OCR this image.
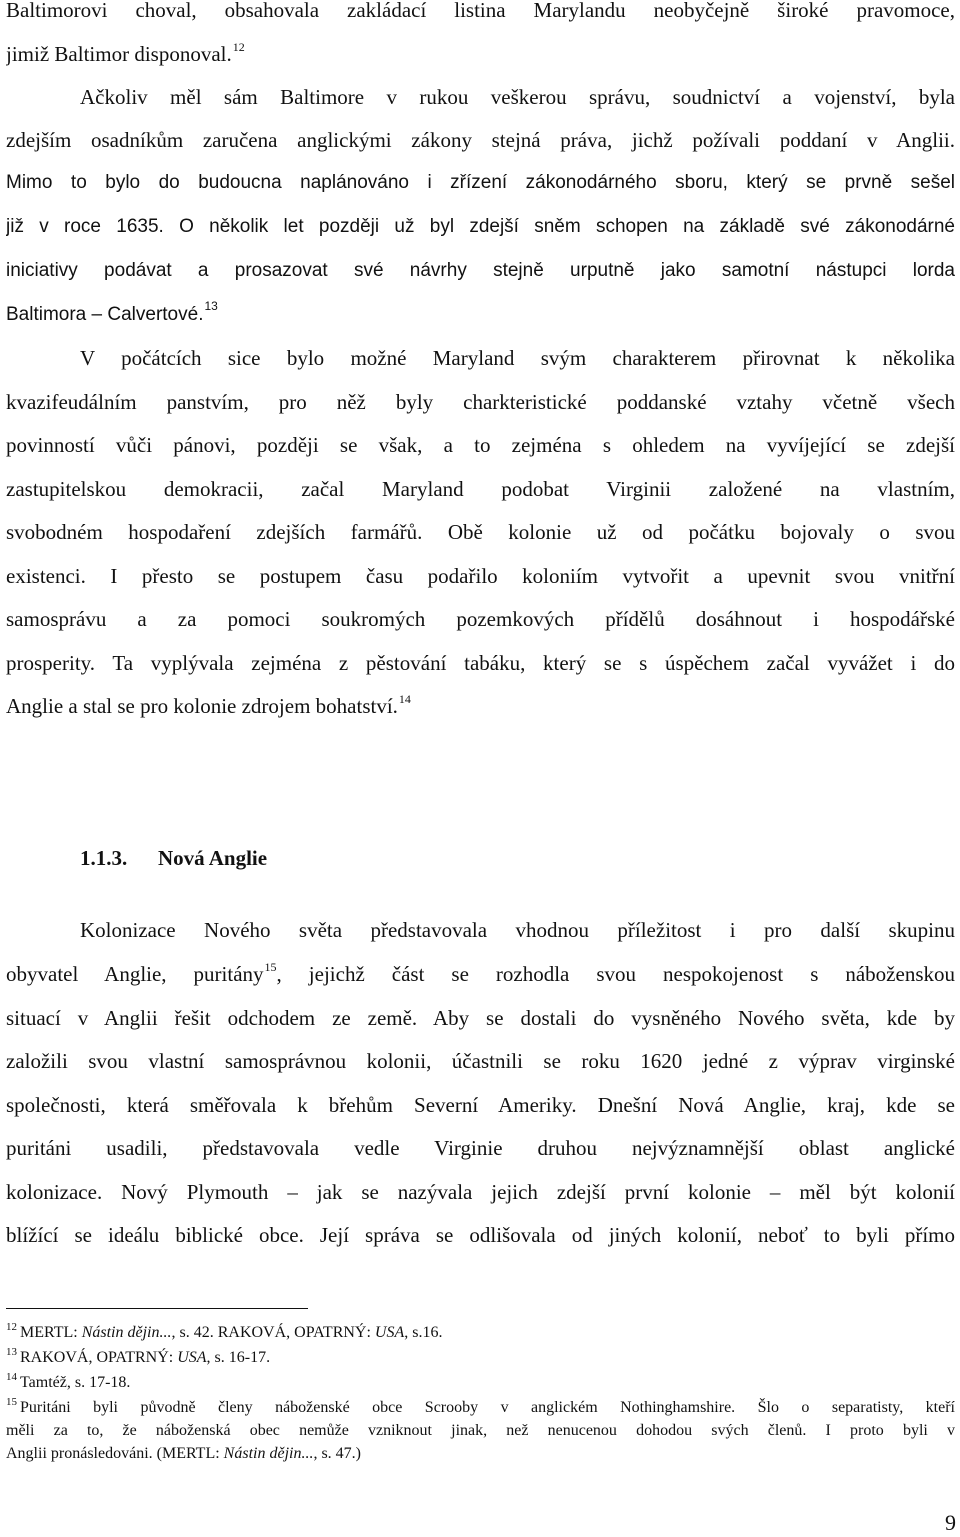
Baltimorovi choval, obsahovala zakládací listina Marylandu neobyčejně široké pravomoce,
jimiž Baltimor disponoval.$^{12}$
Ačkoliv měl sám Baltimore v rukou veškerou správu, soudnictví a vojenství, byla
zdejším osadníkům zaručena anglickými zákony stejná práva, jichž požívali poddaní v Anglii.
Mimo to bylo do budoucna naplánováno i zřízení zákonodárného sboru, který se prvně sešel
již v roce 1635. O několik let později už byl zdejší sněm schopen na základě své zákonodárné
iniciativy podávat a prosazovat své návrhy stejně urputně jako samotní nástupci lorda
Baltimora – Calvertové.$^{13}$
V počátcích sice bylo možné Maryland svým charakterem přirovnat k několika
kvazifeudálním panstvím, pro něž byly charkteristické poddanské vztahy včetně všech
povinností vůči pánovi, později se však, a to zejména s ohledem na vyvíjející se zdejší
zastupitelskou demokracii, začal Maryland podobat Virginii založené na vlastním,
svobodném hospodaření zdejších farmářů. Obě kolonie už od počátku bojovaly o svou
existenci. I přesto se postupem času podařilo koloniím vytvořit a upevnit svou vnitřní
samosprávu a za pomoci soukromých pozemkových přídělů dosáhnout i hospodářské
prosperity. Ta vyplývala zejména z pěstování tabáku, který se s úspěchem začal vyvážet i do
Anglie a stal se pro kolonie zdrojem bohatství.$^{14}$
1.1.3. Nová Anglie
Kolonizace Nového světa představovala vhodnou příležitost i pro další skupinu
obyvatel Anglie, puritány$^{15}$, jejichž část se rozhodla svou nespokojenost s náboženskou
situací v Anglii řešit odchodem ze země. Aby se dostali do vysněného Nového světa, kde by
založili svou vlastní samosprávnou kolonii, účastnili se roku 1620 jedné z výprav virginské
společnosti, která směřovala k břehům Severní Ameriky. Dnešní Nová Anglie, kraj, kde se
puritáni usadili, představovala vedle Virginie druhou nejvýznamnější oblast anglické
kolonizace. Nový Plymouth – jak se nazývala jejich zdejší první kolonie – měl být kolonií
blížící se ideálu biblické obce. Její správa se odlišovala od jiných kolonií, neboť to byli přímo
$^{12}$ MERTL: Nástin dějin..., s. 42. RAKOVÁ, OPATRNÝ: USA, s.16.
$^{13}$ RAKOVÁ, OPATRNÝ: USA, s. 16-17.
$^{14}$ Tamtéž, s. 17-18.
$^{15}$ Puritáni byli původně členy náboženské obce Scrooby v anglickém Nothinghamshire. Šlo o separatisty, kteří
měli za to, že náboženská obec nemůže vzniknout jinak, než nenucenou dohodou svých členů. I proto byli v
Anglii pronásledováni. (MERTL: Nástin dějin..., s. 47.)
9
